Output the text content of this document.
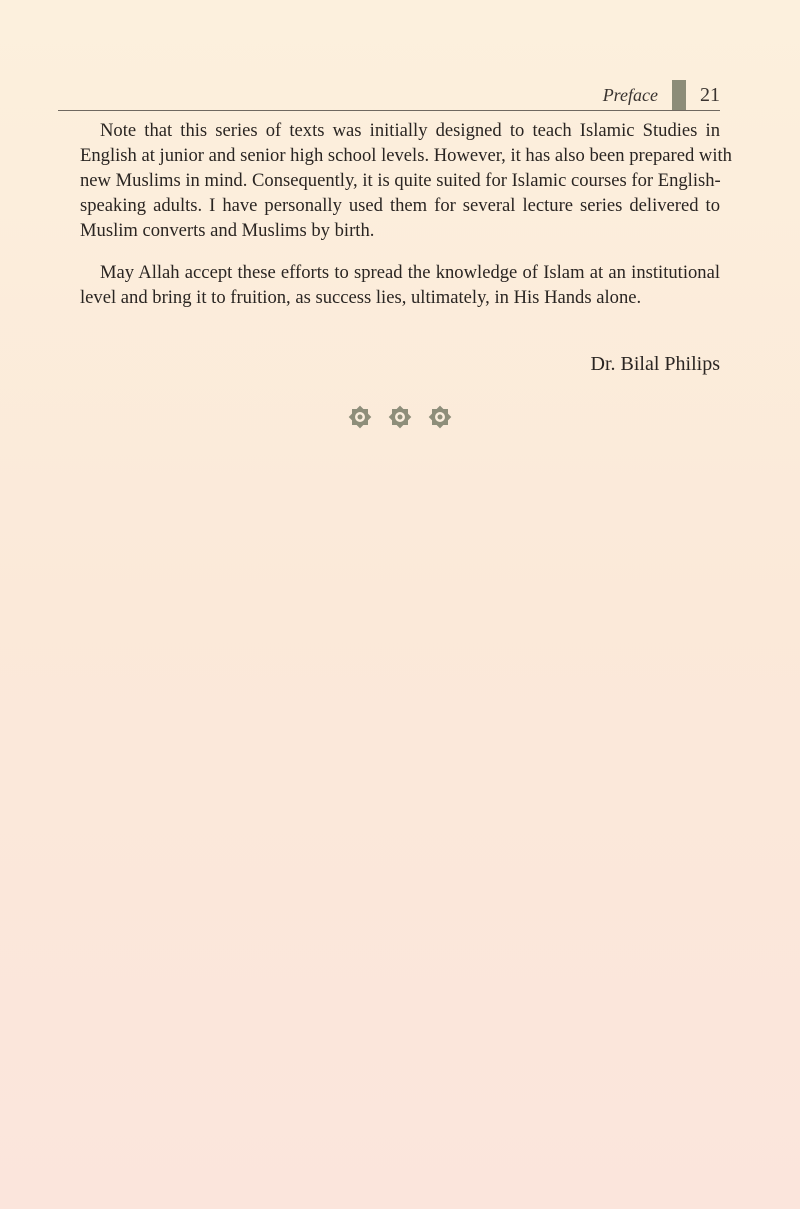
Preface 21
Note that this series of texts was initially designed to teach Islamic Studies in
English at junior and senior high school levels. However, it has also been prepared with
new Muslims in mind. Consequently, it is quite suited for Islamic courses for English-
speaking adults. I have personally used them for several lecture series delivered to
Muslim converts and Muslims by birth.
May Allah accept these efforts to spread the knowledge of Islam at an institutional
level and bring it to fruition, as success lies, ultimately, in His Hands alone.
Dr. Bilal Philips
